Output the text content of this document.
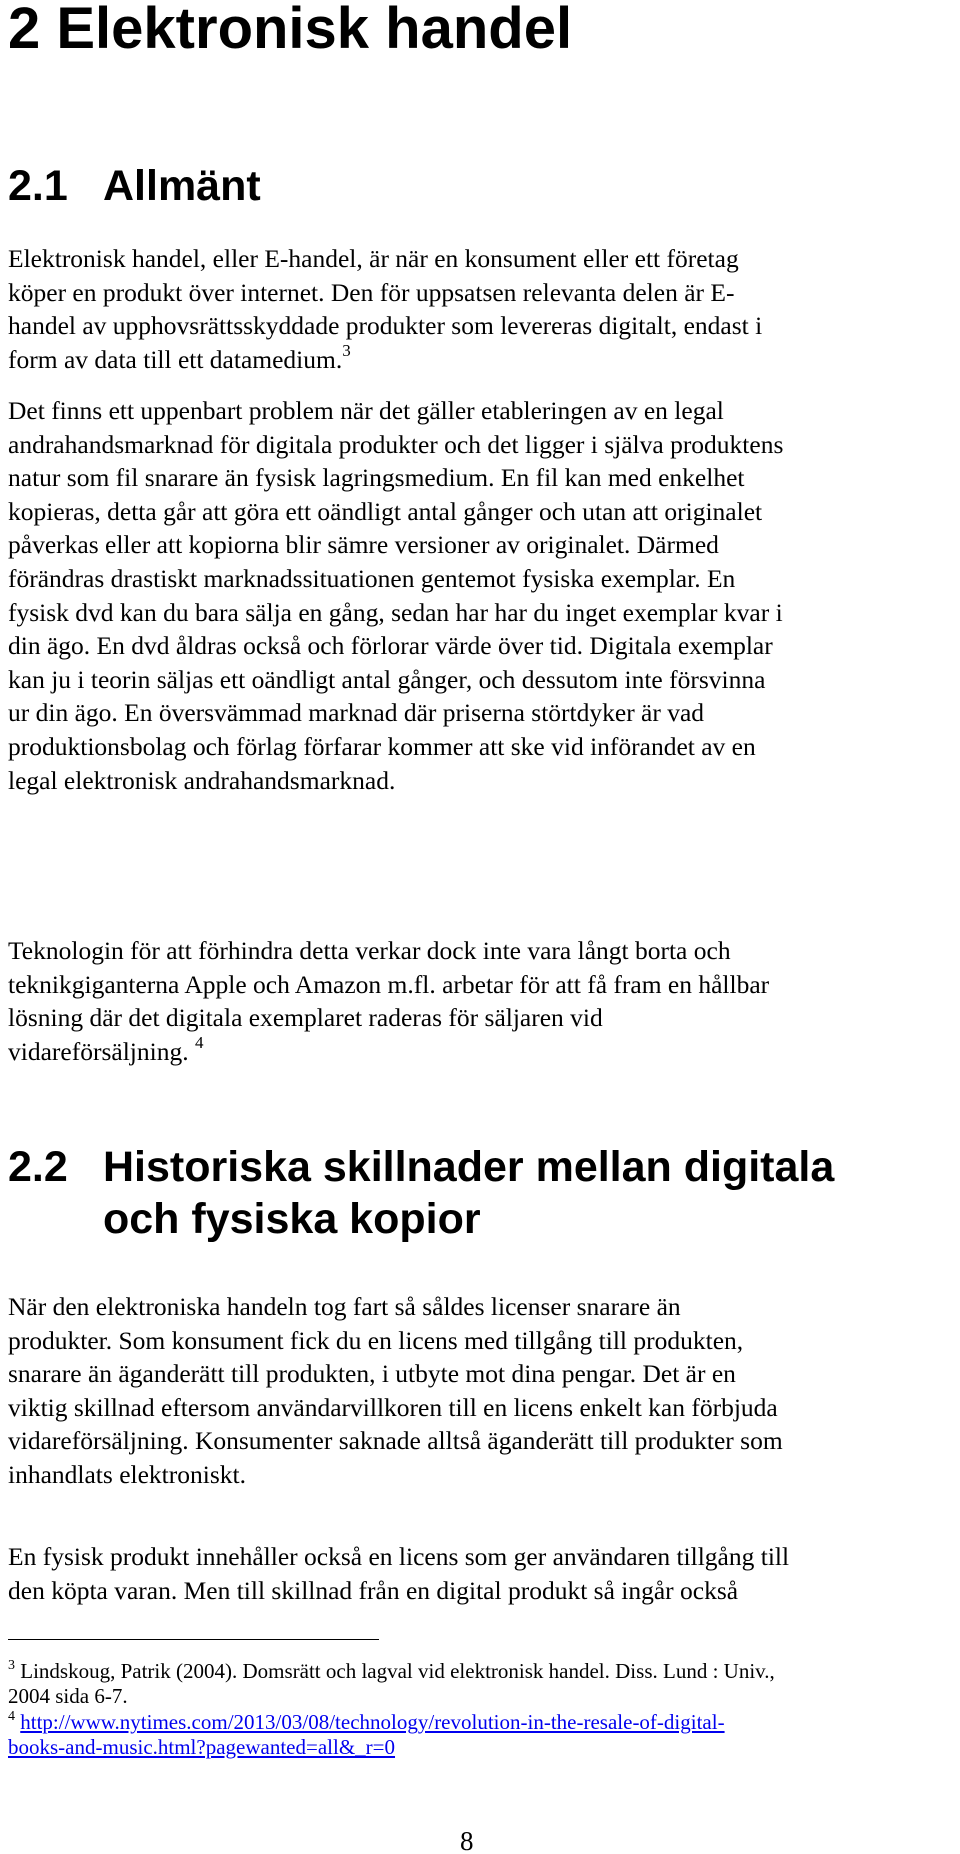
2 Elektronisk handel
2.1 Allmänt

Elektronisk handel, eller E-handel, är när en konsument eller ett företag
köper en produkt över internet. Den för uppsatsen relevanta delen är E-
handel av upphovsrättsskyddade produkter som levereras digitalt, endast i
form av data till ett datamedium.$^3$

Det finns ett uppenbart problem när det gäller etableringen av en legal
andrahandsmarknad för digitala produkter och det ligger i själva produktens
natur som fil snarare än fysisk lagringsmedium. En fil kan med enkelhet
kopieras, detta går att göra ett oändligt antal gånger och utan att originalet
påverkas eller att kopiorna blir sämre versioner av originalet. Därmed
förändras drastiskt marknadssituationen gentemot fysiska exemplar. En
fysisk dvd kan du bara sälja en gång, sedan har har du inget exemplar kvar i
din ägo. En dvd åldras också och förlorar värde över tid. Digitala exemplar
kan ju i teorin säljas ett oändligt antal gånger, och dessutom inte försvinna
ur din ägo. En översvämmad marknad där priserna störtdyker är vad
produktionsbolag och förlag förfarar kommer att ske vid införandet av en
legal elektronisk andrahandsmarknad.

Teknologin för att förhindra detta verkar dock inte vara långt borta och
teknikgiganterna Apple och Amazon m.fl. arbetar för att få fram en hållbar
lösning där det digitala exemplaret raderas för säljaren vid
vidareförsäljning. $^4$

2.2 Historiska skillnader mellan digitala
och fysiska kopior

När den elektroniska handeln tog fart så såldes licenser snarare än
produkter. Som konsument fick du en licens med tillgång till produkten,
snarare än äganderätt till produkten, i utbyte mot dina pengar. Det är en
viktig skillnad eftersom användarvillkoren till en licens enkelt kan förbjuda
vidareförsäljning. Konsumenter saknade alltså äganderätt till produkter som
inhandlats elektroniskt.

En fysisk produkt innehåller också en licens som ger användaren tillgång till
den köpta varan. Men till skillnad från en digital produkt så ingår också

$^3$ Lindskoug, Patrik (2004). Domsrätt och lagval vid elektronisk handel. Diss. Lund : Univ.,
2004 sida 6-7.
$^4$ http://www.nytimes.com/2013/03/08/technology/revolution-in-the-resale-of-digital-
books-and-music.html?pagewanted=all&_r=0
8
